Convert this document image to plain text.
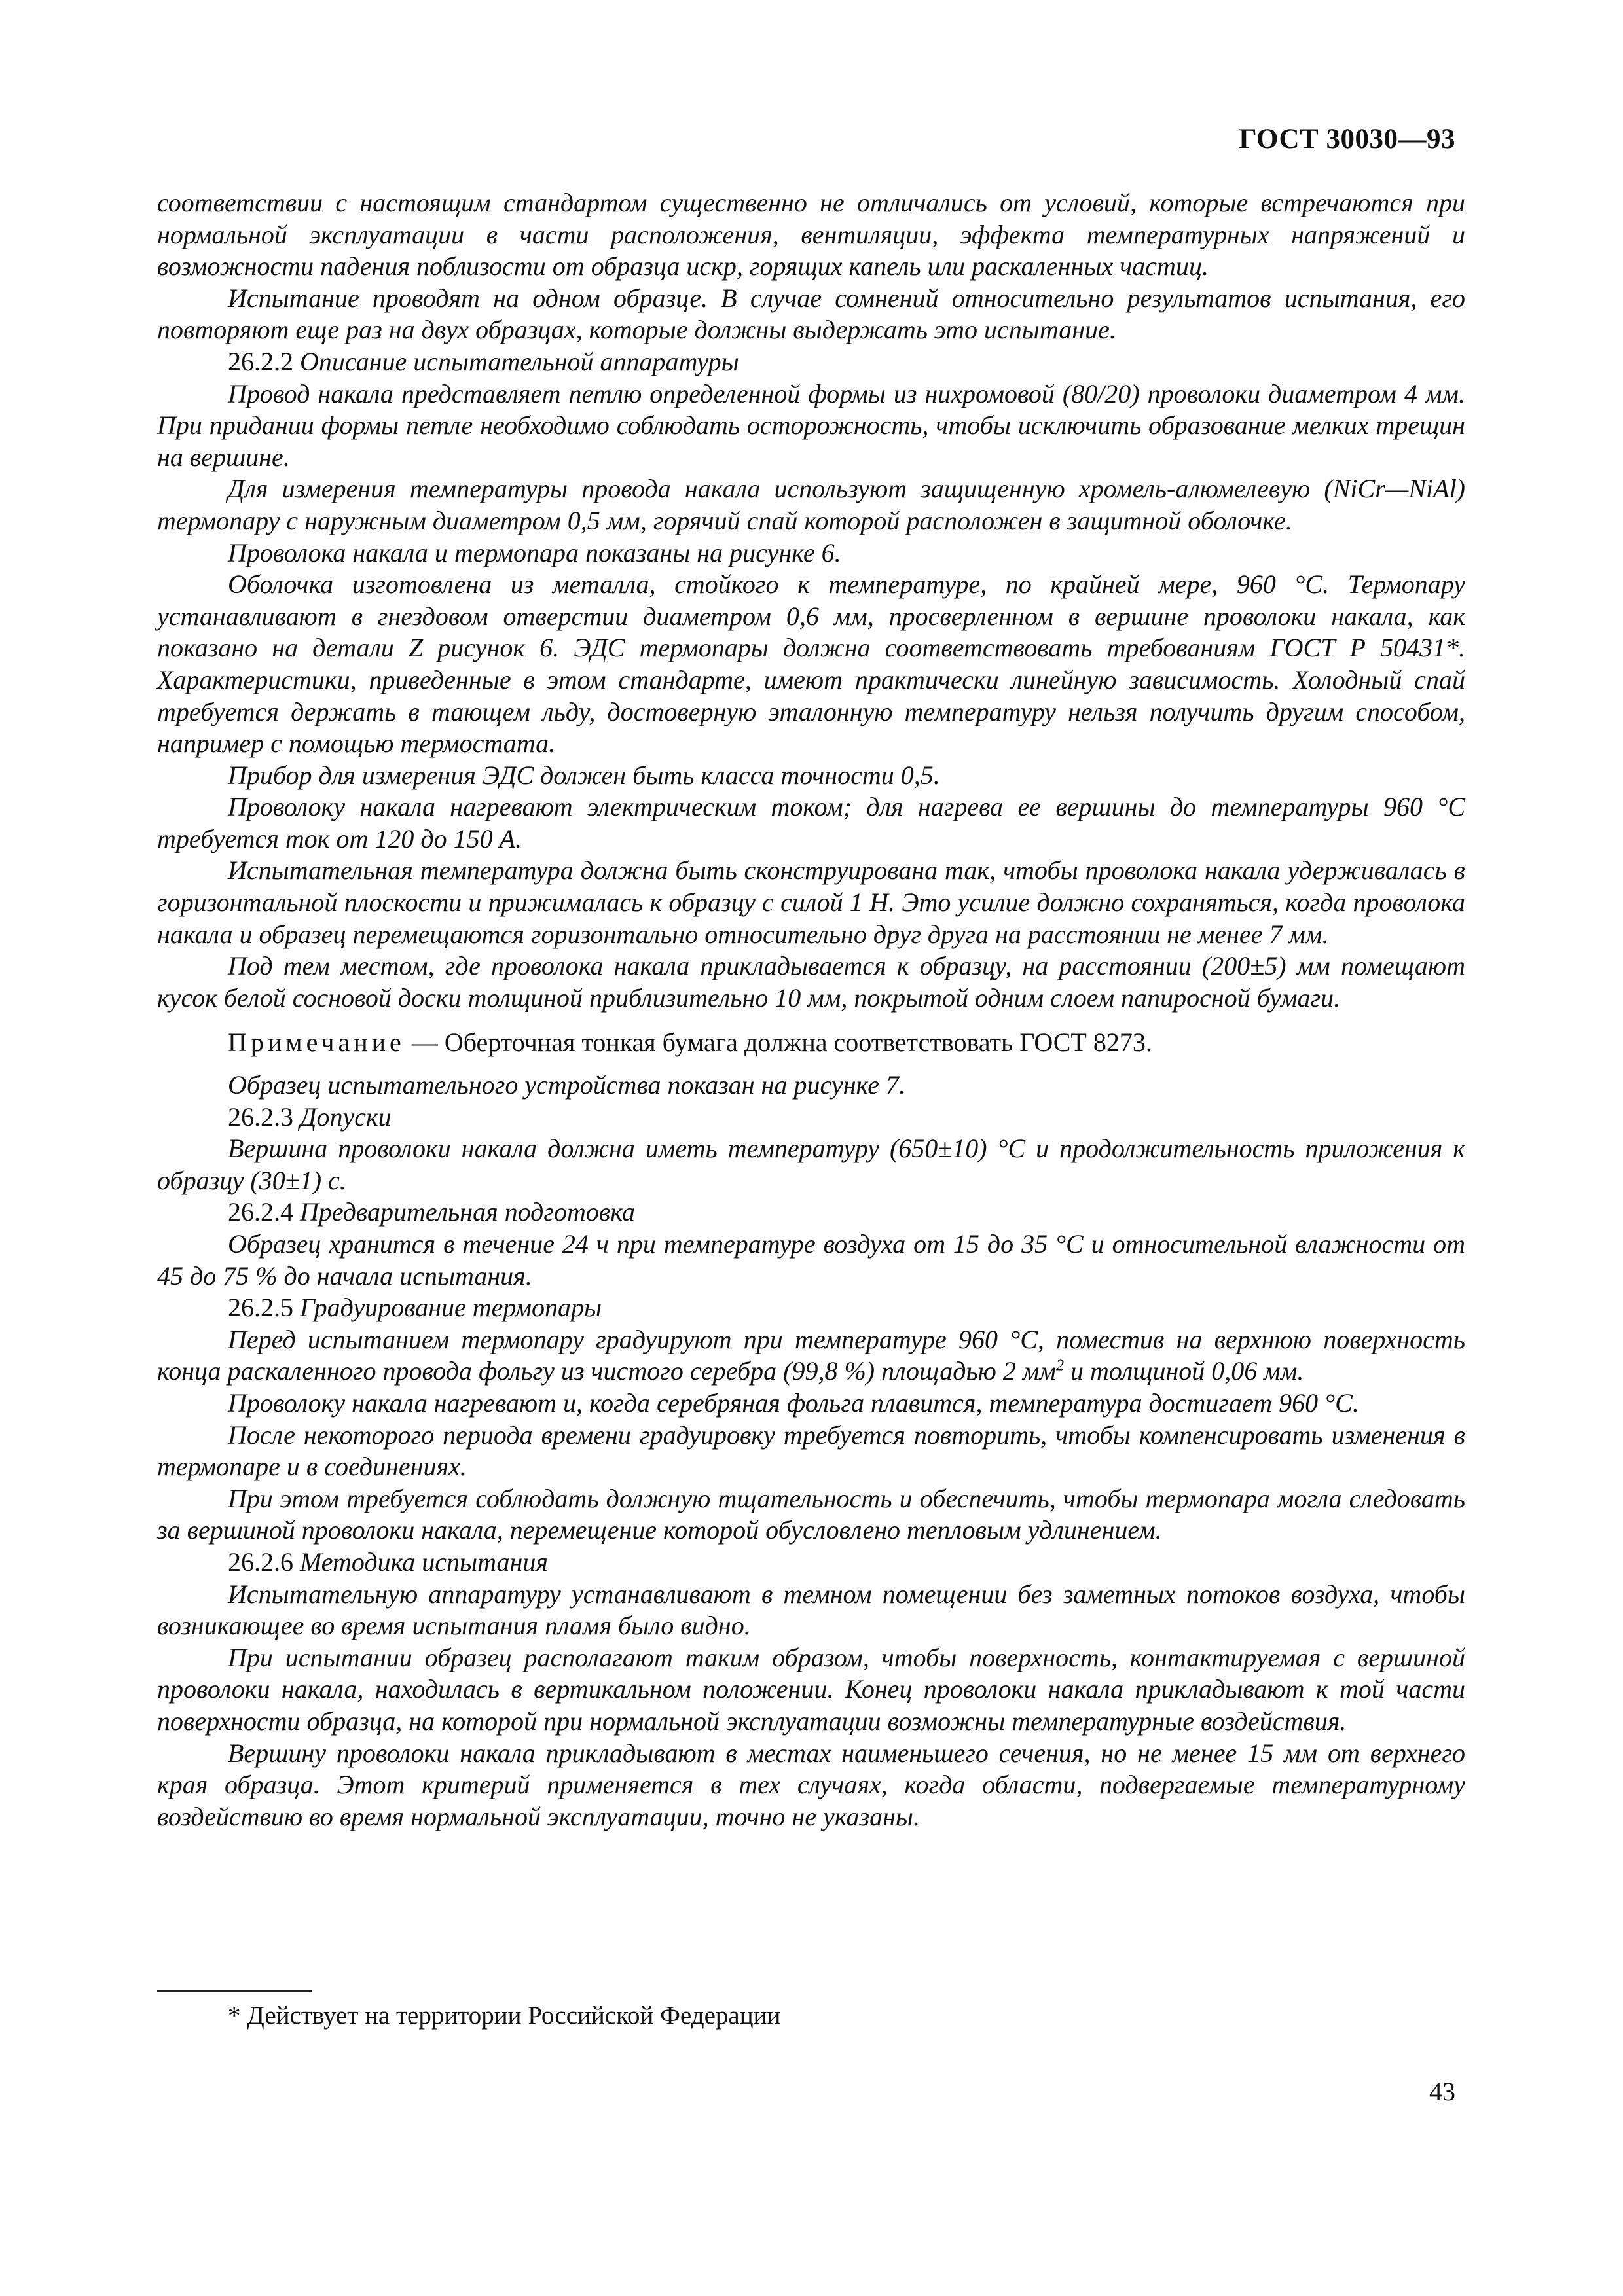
ГОСТ 30030—93

соответствии с настоящим стандартом существенно не отличались от условий, которые встречаются при нормальной эксплуатации в части расположения, вентиляции, эффекта температурных напряжений и возможности падения поблизости от образца искр, горящих капель или раскаленных частиц.

Испытание проводят на одном образце. В случае сомнений относительно результатов испытания, его повторяют еще раз на двух образцах, которые должны выдержать это испытание.

26.2.2 Описание испытательной аппаратуры

Провод накала представляет петлю определенной формы из нихромовой (80/20) проволоки диаметром 4 мм. При придании формы петле необходимо соблюдать осторожность, чтобы исключить образование мелких трещин на вершине.

Для измерения температуры провода накала используют защищенную хромель-алюмелевую (NiCr—NiAl) термопару с наружным диаметром 0,5 мм, горячий спай которой расположен в защитной оболочке.

Проволока накала и термопара показаны на рисунке 6.

Оболочка изготовлена из металла, стойкого к температуре, по крайней мере, 960 °С. Термопару устанавливают в гнездовом отверстии диаметром 0,6 мм, просверленном в вершине проволоки накала, как показано на детали Z рисунок 6. ЭДС термопары должна соответствовать требованиям ГОСТ Р 50431*. Характеристики, приведенные в этом стандарте, имеют практически линейную зависимость. Холодный спай требуется держать в тающем льду, достоверную эталонную температуру нельзя получить другим способом, например с помощью термостата.

Прибор для измерения ЭДС должен быть класса точности 0,5.

Проволоку накала нагревают электрическим током; для нагрева ее вершины до температуры 960 °С требуется ток от 120 до 150 А.

Испытательная температура должна быть сконструирована так, чтобы проволока накала удерживалась в горизонтальной плоскости и прижималась к образцу с силой 1 Н. Это усилие должно сохраняться, когда проволока накала и образец перемещаются горизонтально относительно друг друга на расстоянии не менее 7 мм.

Под тем местом, где проволока накала прикладывается к образцу, на расстоянии (200±5) мм помещают кусок белой сосновой доски толщиной приблизительно 10 мм, покрытой одним слоем папиросной бумаги.

Примечание — Оберточная тонкая бумага должна соответствовать ГОСТ 8273.

Образец испытательного устройства показан на рисунке 7.

26.2.3 Допуски

Вершина проволоки накала должна иметь температуру (650±10) °С и продолжительность приложения к образцу (30±1) с.

26.2.4 Предварительная подготовка

Образец хранится в течение 24 ч при температуре воздуха от 15 до 35 °С и относительной влажности от 45 до 75 % до начала испытания.

26.2.5 Градуирование термопары

Перед испытанием термопару градуируют при температуре 960 °С, поместив на верхнюю поверхность конца раскаленного провода фольгу из чистого серебра (99,8 %) площадью 2 $мм^2$ и толщиной 0,06 мм.

Проволоку накала нагревают и, когда серебряная фольга плавится, температура достигает 960 °С.

После некоторого периода времени градуировку требуется повторить, чтобы компенсировать изменения в термопаре и в соединениях.

При этом требуется соблюдать должную тщательность и обеспечить, чтобы термопара могла следовать за вершиной проволоки накала, перемещение которой обусловлено тепловым удлинением.

26.2.6 Методика испытания

Испытательную аппаратуру устанавливают в темном помещении без заметных потоков воздуха, чтобы возникающее во время испытания пламя было видно.

При испытании образец располагают таким образом, чтобы поверхность, контактируемая с вершиной проволоки накала, находилась в вертикальном положении. Конец проволоки накала прикладывают к той части поверхности образца, на которой при нормальной эксплуатации возможны температурные воздействия.

Вершину проволоки накала прикладывают в местах наименьшего сечения, но не менее 15 мм от верхнего края образца. Этот критерий применяется в тех случаях, когда области, подвергаемые температурному воздействию во время нормальной эксплуатации, точно не указаны.

* Действует на территории Российской Федерации
43
